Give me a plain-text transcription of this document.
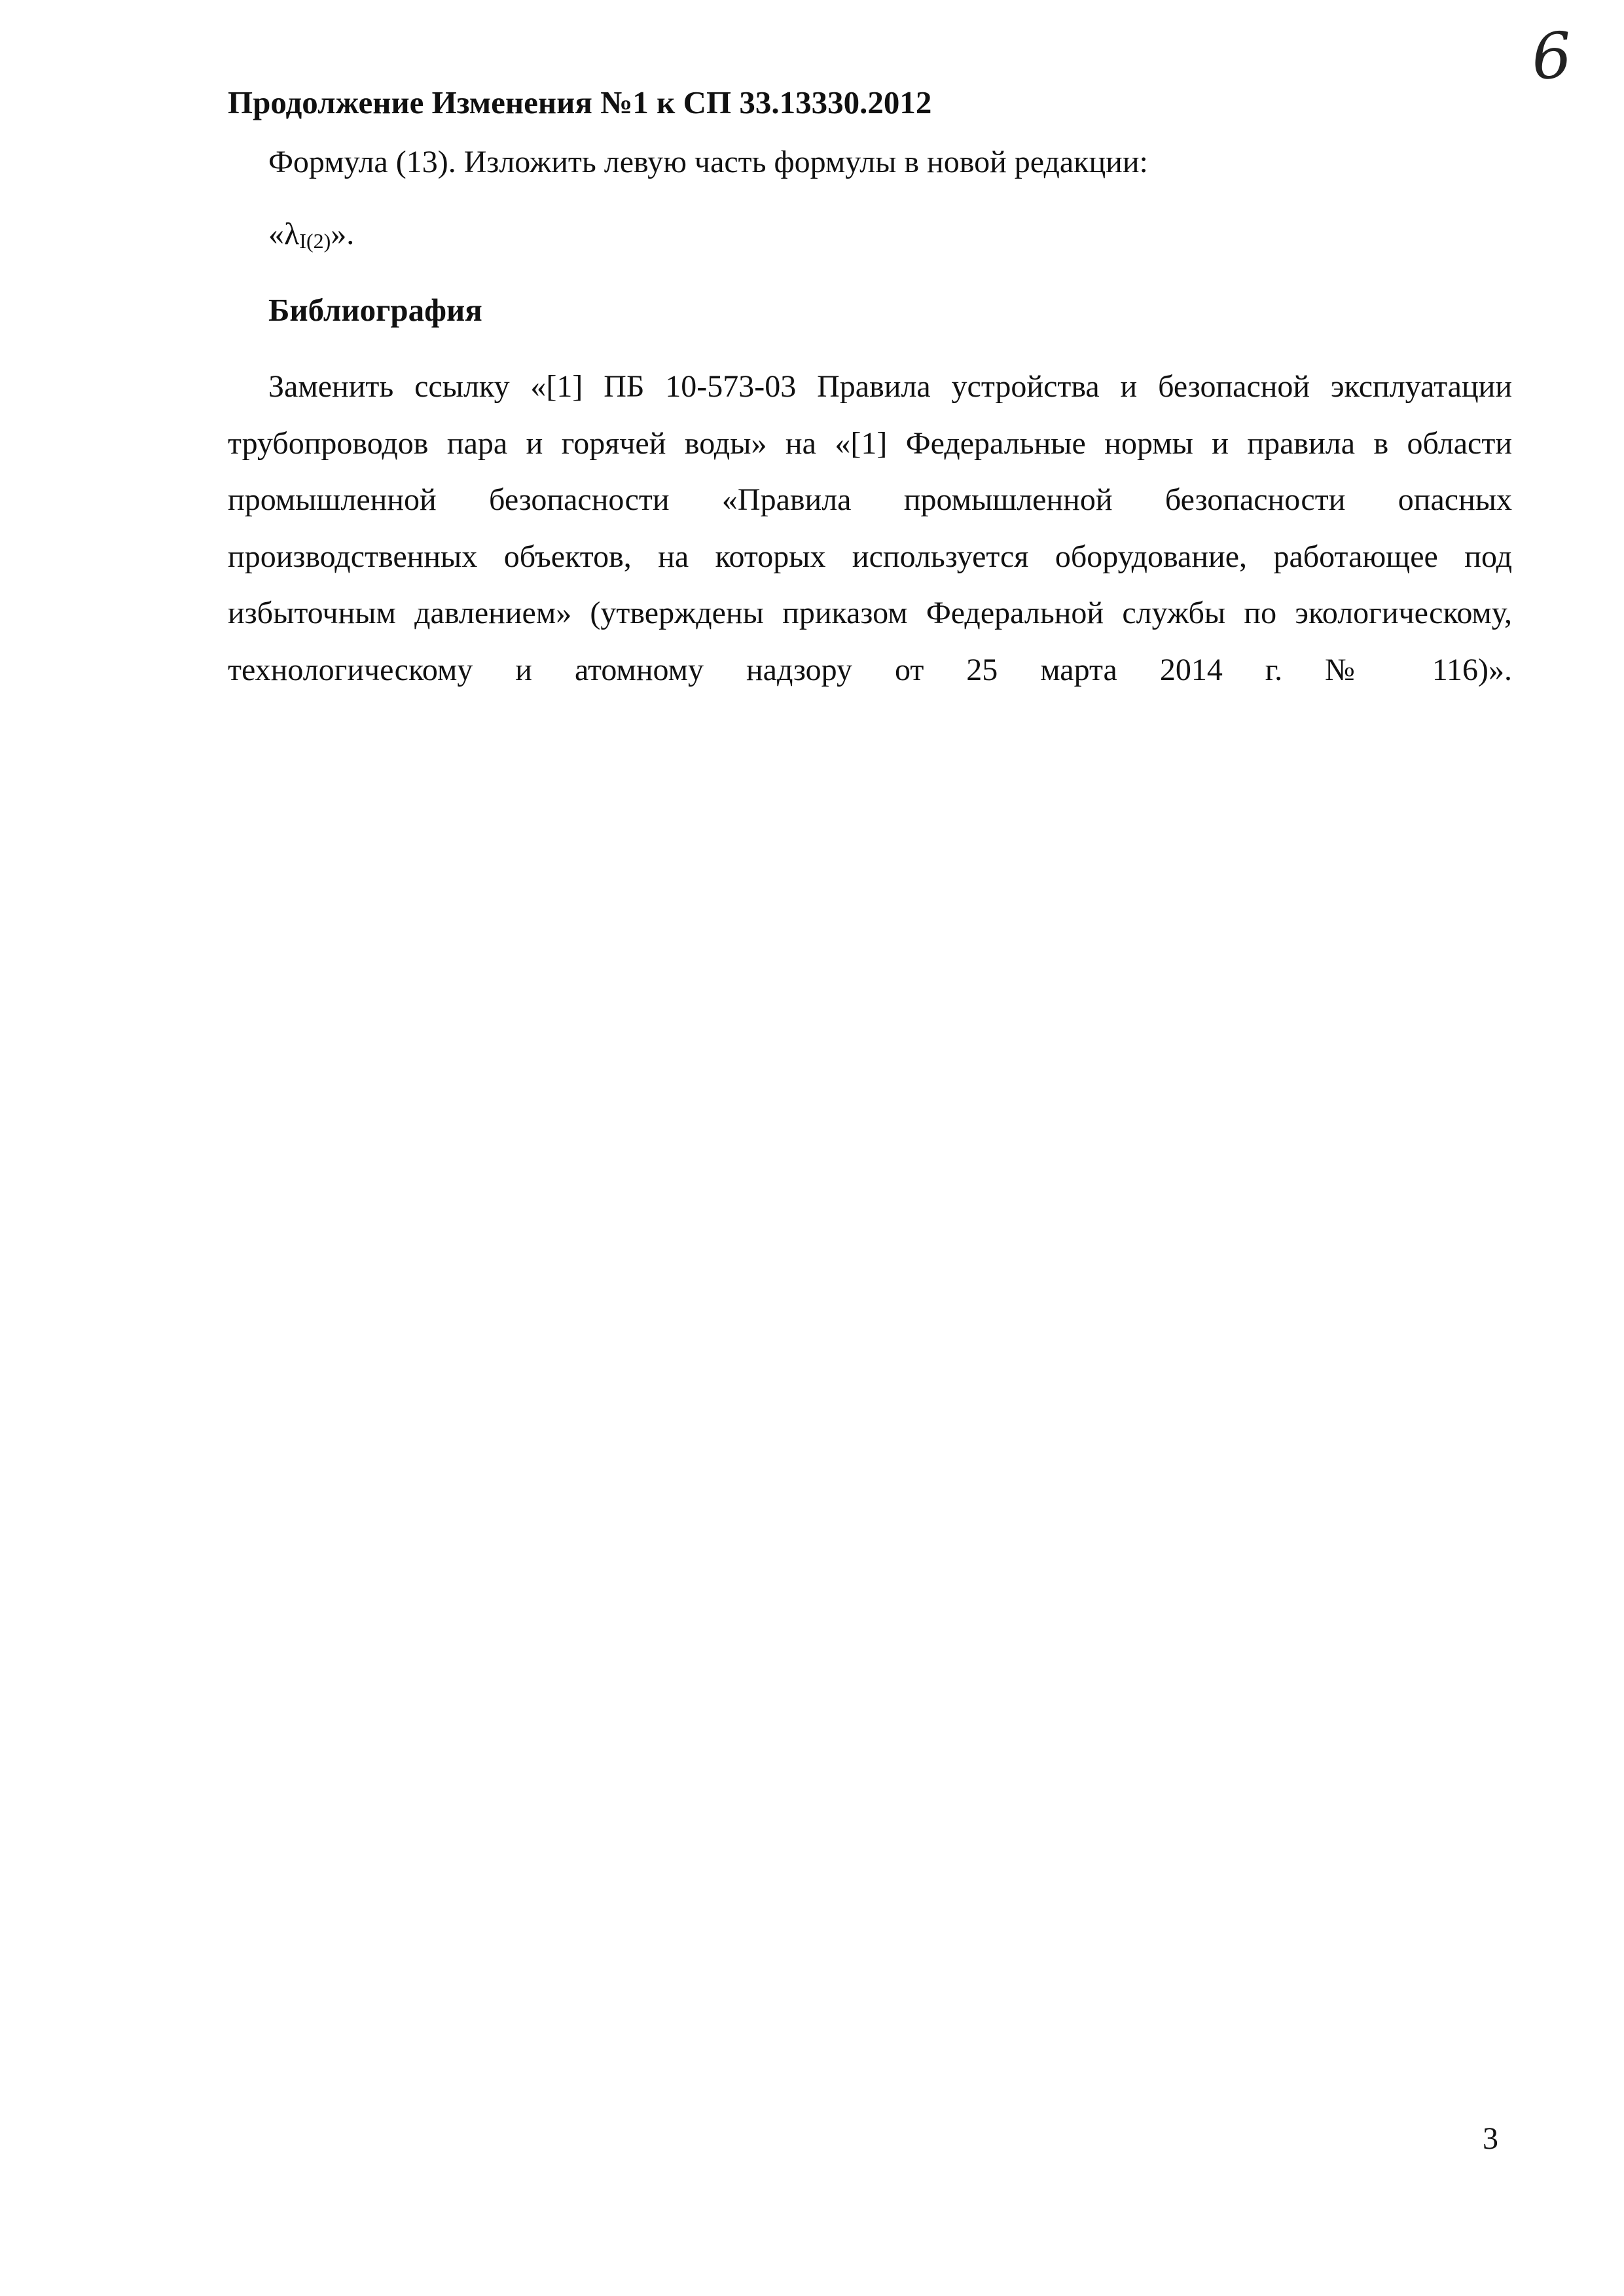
6
Продолжение Изменения №1 к СП 33.13330.2012
Формула (13). Изложить левую часть формулы в новой редакции:
«λI(2)».
Библиография
Заменить ссылку «[1] ПБ 10-573-03 Правила устройства и безопасной эксплуатации
трубопроводов пара и горячей воды» на «[1] Федеральные нормы и правила в области
промышленной безопасности «Правила промышленной безопасности опасных
производственных объектов, на которых используется оборудование, работающее под
избыточным давлением» (утверждены приказом Федеральной службы по экологическому,
технологическому и атомному надзору от 25 марта 2014 г. № 116)».
3
